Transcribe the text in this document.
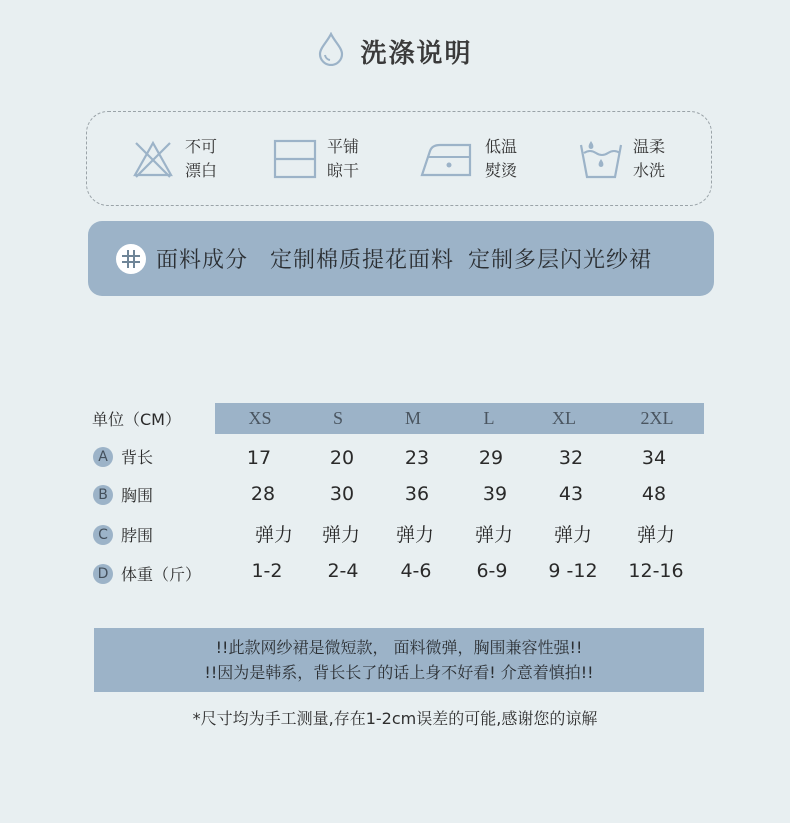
洗涤说明
不可
漂白
平铺
晾干
低温
熨烫
温柔
水洗
面料成分 定制棉质提花面料 定制多层闪光纱裙
单位（CM）	XS	S	M	L	XL	2XL
A 背长	17	20	23	29	32	34
B 胸围	28	30	36	39	43	48
C 脖围	弹力	弹力	弹力	弹力	弹力	弹力
D 体重（斤）	1-2	2-4	4-6	6-9	9 -12	12-16
!!此款网纱裙是微短款， 面料微弹，胸围兼容性强!!
!!因为是韩系，背长长了的话上身不好看! 介意着慎拍!!
*尺寸均为手工测量,存在1-2cm误差的可能,感谢您的谅解
